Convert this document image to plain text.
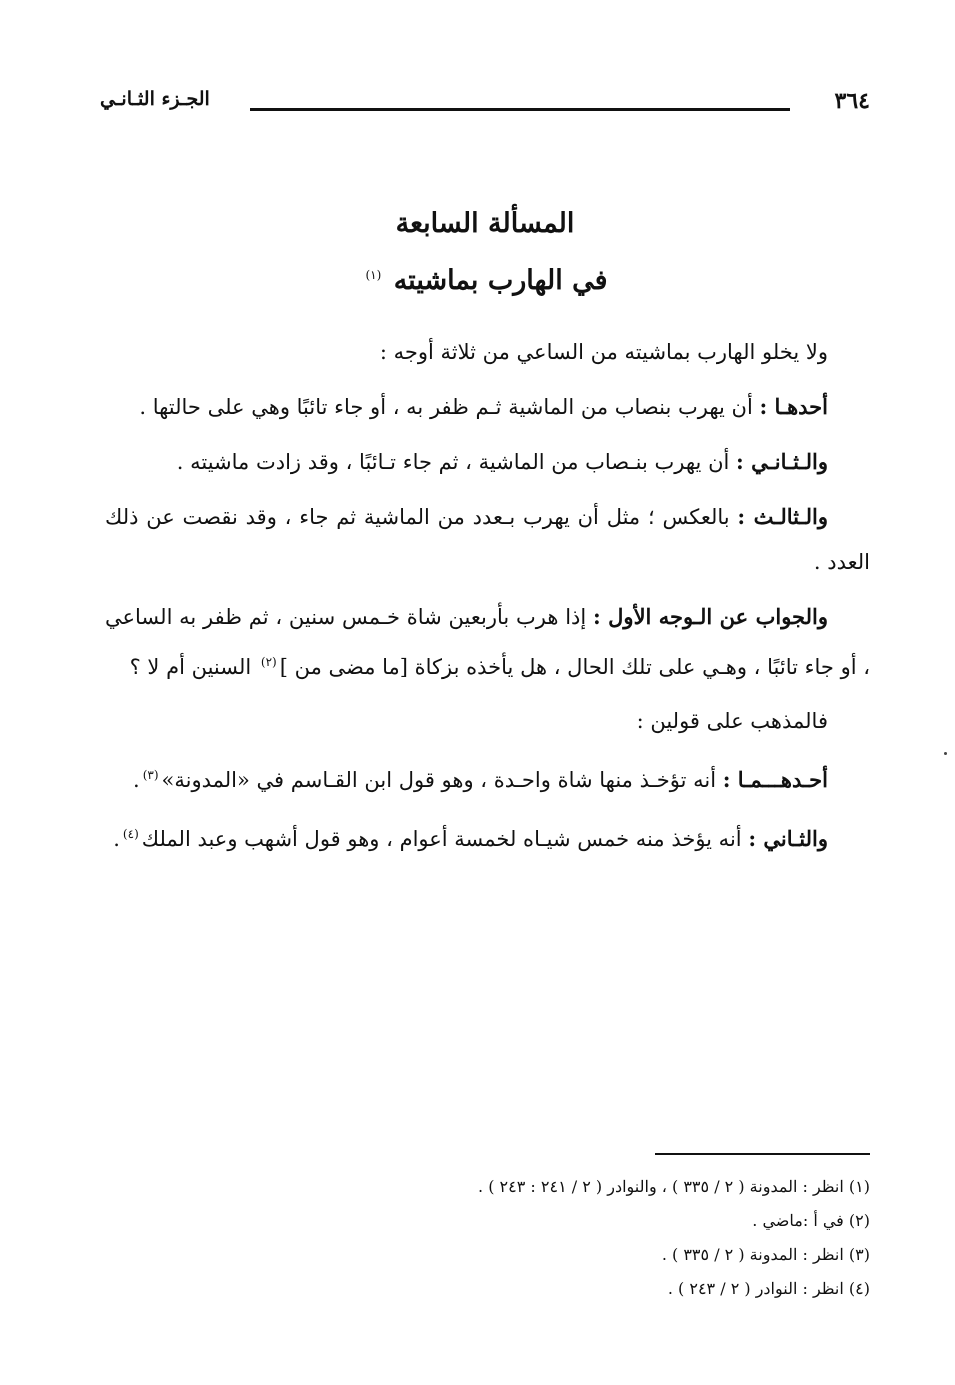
٣٦٤
الجـزء الثـانـي
المسألة السابعة
في الهارب بماشيته $^{(١)}$

ولا يخلو الهارب بماشيته من الساعي من ثلاثة أوجه :

أحدهـا : أن يهرب بنصاب من الماشية ثـم ظفر به ، أو جاء تائبًا وهي على حالتها .

والـثـانـي : أن يهرب بنـصاب من الماشية ، ثم جاء تـائبًا ، وقد زادت ماشيته .

والـثالـث : بالعكس ؛ مثل أن يهرب بـعدد من الماشية ثم جاء ، وقد نقصت عن ذلك العدد .

والجواب عن الـوجه الأول : إذا هرب بأربعين شاة خـمس سنين ، ثم ظفر به الساعي ، أو جاء تائبًا ، وهـي على تلك الحال ، هل يأخذه بزكاة [ما مضى من ]$^{(٢)}$ السنين أم لا ؟

فالمذهب على قولين :

أحـدهـــمـا : أنه تؤخـذ منها شاة واحـدة ، وهو قول ابن القـاسم في «المدونة»$^{(٣)}$.

والثـاني : أنه يؤخذ منه خمس شيـاه لخمسة أعوام ، وهو قول أشهب وعبد الملك$^{(٤)}$.

(١) انظر : المدونة ( ٢ / ٣٣٥ ) ، والنوادر ( ٢ / ٢٤١ : ٢٤٣ ) .

(٢) في أ :ماضي .

(٣) انظر : المدونة ( ٢ / ٣٣٥ ) .

(٤) انظر : النوادر ( ٢ / ٢٤٣ ) .
